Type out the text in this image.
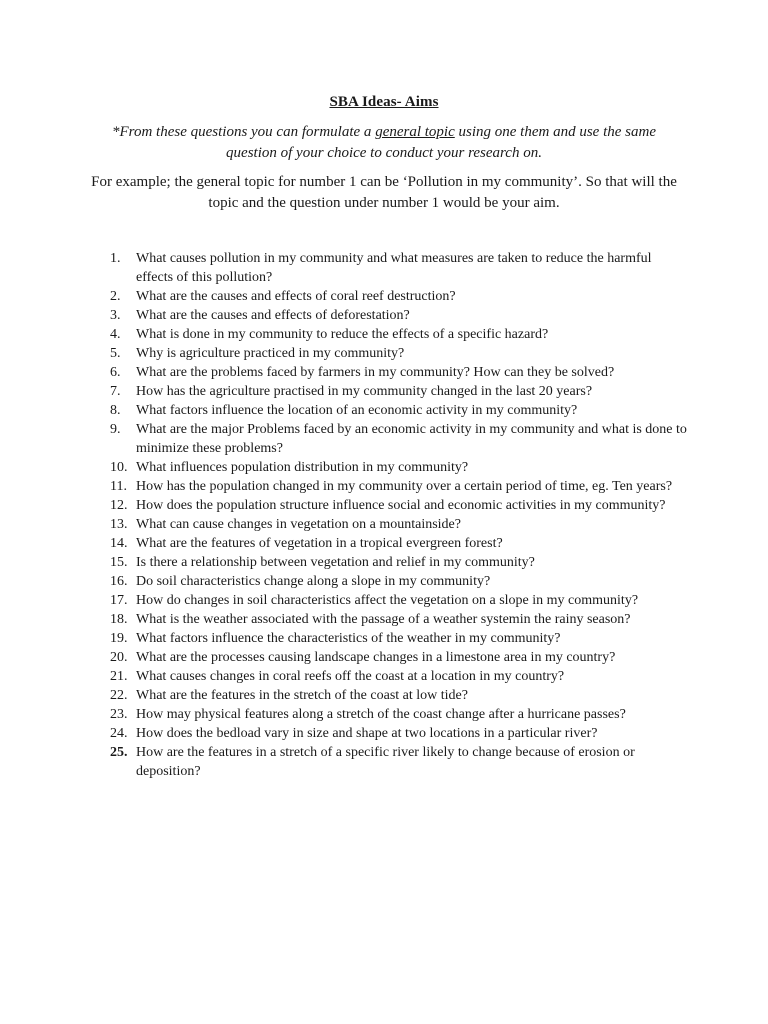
SBA Ideas- Aims
*From these questions you can formulate a general topic using one them and use the same question of your choice to conduct your research on.
For example; the general topic for number 1 can be ‘Pollution in my community’. So that will the topic and the question under number 1 would be your aim.
1.	What causes pollution in my community and what measures are taken to reduce the harmful effects of this pollution?
2.	What are the causes and effects of coral reef destruction?
3.	What are the causes and effects of deforestation?
4.	What is done in my community to reduce the effects of a specific hazard?
5.	Why is agriculture practiced in my community?
6.	What are the problems faced by farmers in my community? How can they be solved?
7.	How has the agriculture practised in my community changed in the last 20 years?
8.	What factors influence the location of an economic activity in my community?
9.	What are the major Problems faced by an economic activity in my community and what is done to minimize these problems?
10. What influences population distribution in my community?
11. How has the population changed in my community over a certain period of time, eg. Ten years?
12. How does the population structure influence social and economic activities in my community?
13. What can cause changes in vegetation on a mountainside?
14. What are the features of vegetation in a tropical evergreen forest?
15. Is there a relationship between vegetation and relief in my community?
16. Do soil characteristics change along a slope in my community?
17. How do changes in soil characteristics affect the vegetation on a slope in my community?
18. What is the weather associated with the passage of a weather systemin the rainy season?
19. What factors influence the characteristics of the weather in my community?
20. What are the processes causing landscape changes in a limestone area in my country?
21. What causes changes in coral reefs off the coast at a location in my country?
22. What are the features in the stretch of the coast at low tide?
23. How may physical features along a stretch of the coast change after a hurricane passes?
24. How does the bedload vary in size and shape at two locations in a particular river?
25. How are the features in a stretch of a specific river likely to change because of erosion or deposition?
